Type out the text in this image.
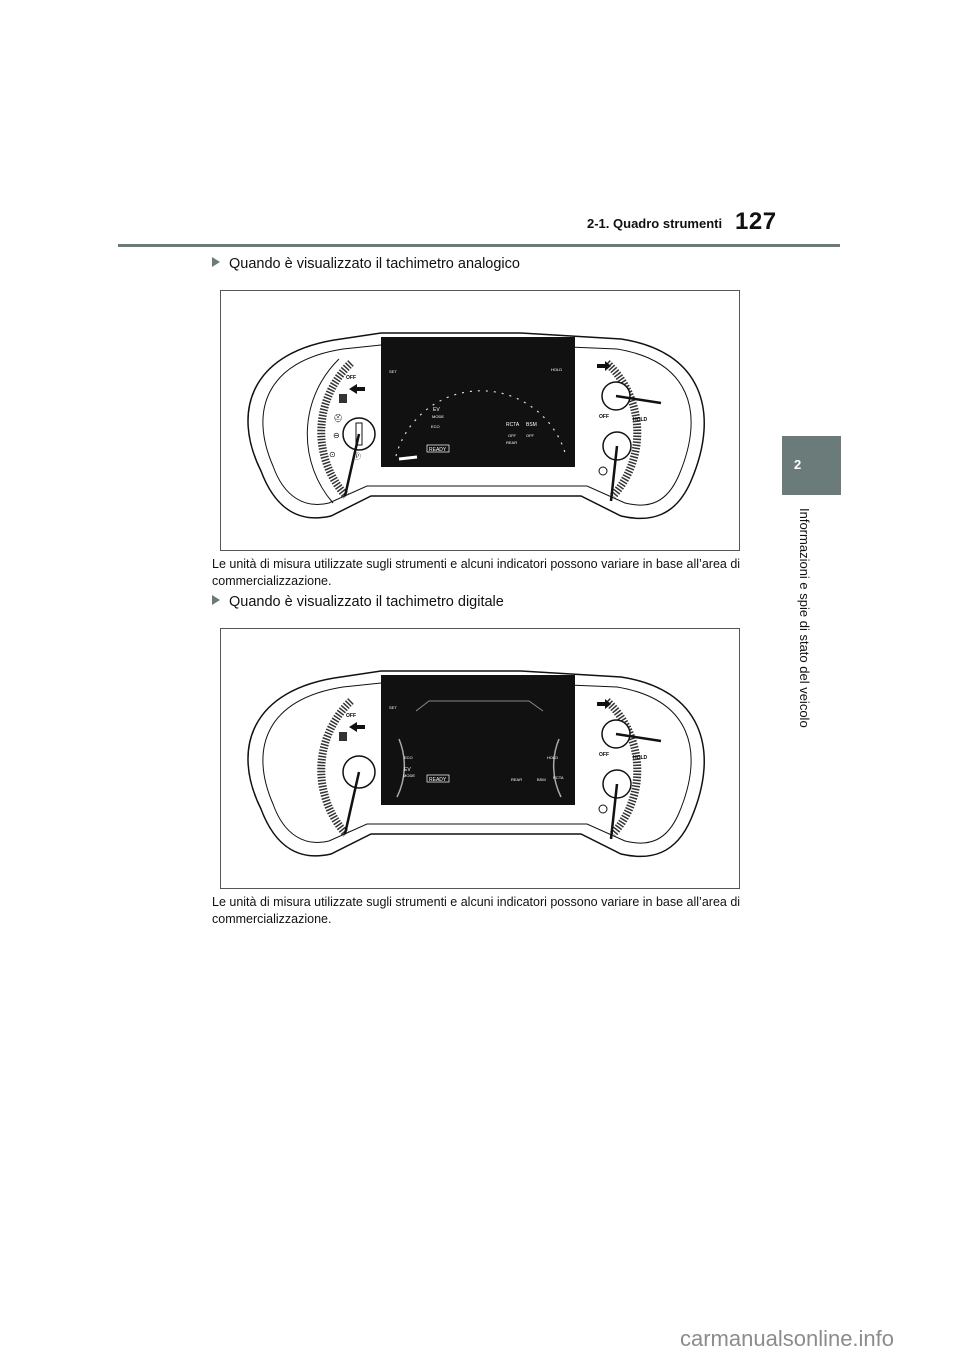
2-1. Quadro strumenti 127
2
Informazioni e spie di stato del veicolo
Quando è visualizzato il tachimetro analogico
OFF
⛑
⊖
⊙ Ⓟ
EV
MODE
ECO
READY
RCTA BSM
OFF	OFF
REAR
HOLD
SET
OFF	HOLD
Le unità di misura utilizzate sugli strumenti e alcuni indicatori possono variare in base all’area di commercializzazione.
Quando è visualizzato il tachimetro digitale
OFF
SET
ECO
EV
MODE
READY	REAR	BSM RCTA
HOLD	OFF	HOLD
Le unità di misura utilizzate sugli strumenti e alcuni indicatori possono variare in base all’area di commercializzazione.
carmanualsonline.info
